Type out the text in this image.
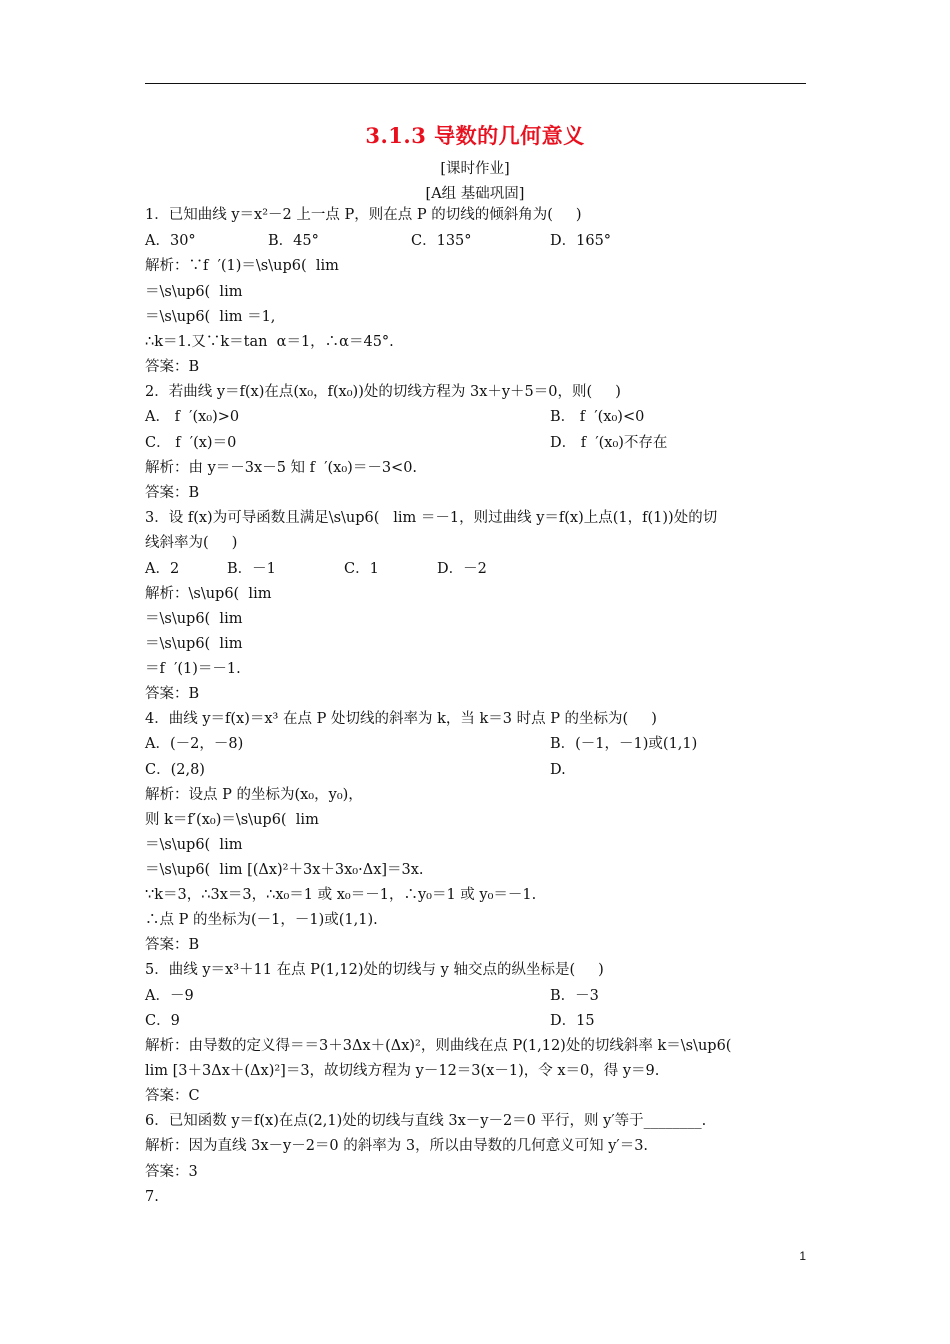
3.1.3 导数的几何意义
[课时作业]
[A组 基础巩固]
1．已知曲线 y＝x²－2 上一点 P，则在点 P 的切线的倾斜角为(     )
A．30°	B．45°	C．135°	D．165°
解析：∵f  ′(1)＝\s\up6(  lim
＝\s\up6(  lim
＝\s\up6(  lim ＝1,
∴k＝1.又∵k＝tan  α＝1，∴α＝45°.
答案：B
2．若曲线 y＝f(x)在点(x₀，f(x₀))处的切线方程为 3x＋y＋5＝0，则(     )
A． f  ′(x₀)>0	B． f  ′(x₀)<0
C． f  ′(x)＝0	D． f  ′(x₀)不存在
解析：由 y＝－3x－5 知 f  ′(x₀)＝－3<0.
答案：B
3．设 f(x)为可导函数且满足\s\up6(   lim ＝－1，则过曲线 y＝f(x)上点(1，f(1))处的切
线斜率为(     )
A．2	B．－1	C．1	D．－2
解析：\s\up6(  lim
＝\s\up6(  lim
＝\s\up6(  lim
＝f  ′(1)＝－1.
答案：B
4．曲线 y＝f(x)＝x³ 在点 P 处切线的斜率为 k，当 k＝3 时点 P 的坐标为(     )
A．(－2，－8)	B．(－1，－1)或(1,1)
C．(2,8)	D.
解析：设点 P 的坐标为(x₀，y₀)，
则 k＝f′(x₀)＝\s\up6(  lim
＝\s\up6(  lim
＝\s\up6(  lim [(Δx)²＋3x＋3x₀·Δx]＝3x.
∵k＝3，∴3x＝3，∴x₀＝1 或 x₀＝－1，∴y₀＝1 或 y₀＝－1.
∴点 P 的坐标为(－1，－1)或(1,1).
答案：B
5．曲线 y＝x³＋11 在点 P(1,12)处的切线与 y 轴交点的纵坐标是(     )
A．－9	B．－3
C．9	D．15
解析：由导数的定义得＝＝3＋3Δx＋(Δx)²，则曲线在点 P(1,12)处的切线斜率 k＝\s\up6(
lim [3＋3Δx＋(Δx)²]＝3，故切线方程为 y－12＝3(x－1)，令 x＝0，得 y＝9.
答案：C
6．已知函数 y＝f(x)在点(2,1)处的切线与直线 3x－y－2＝0 平行，则 y′等于________.
解析：因为直线 3x－y－2＝0 的斜率为 3，所以由导数的几何意义可知 y′＝3.
答案：3
7.
1
